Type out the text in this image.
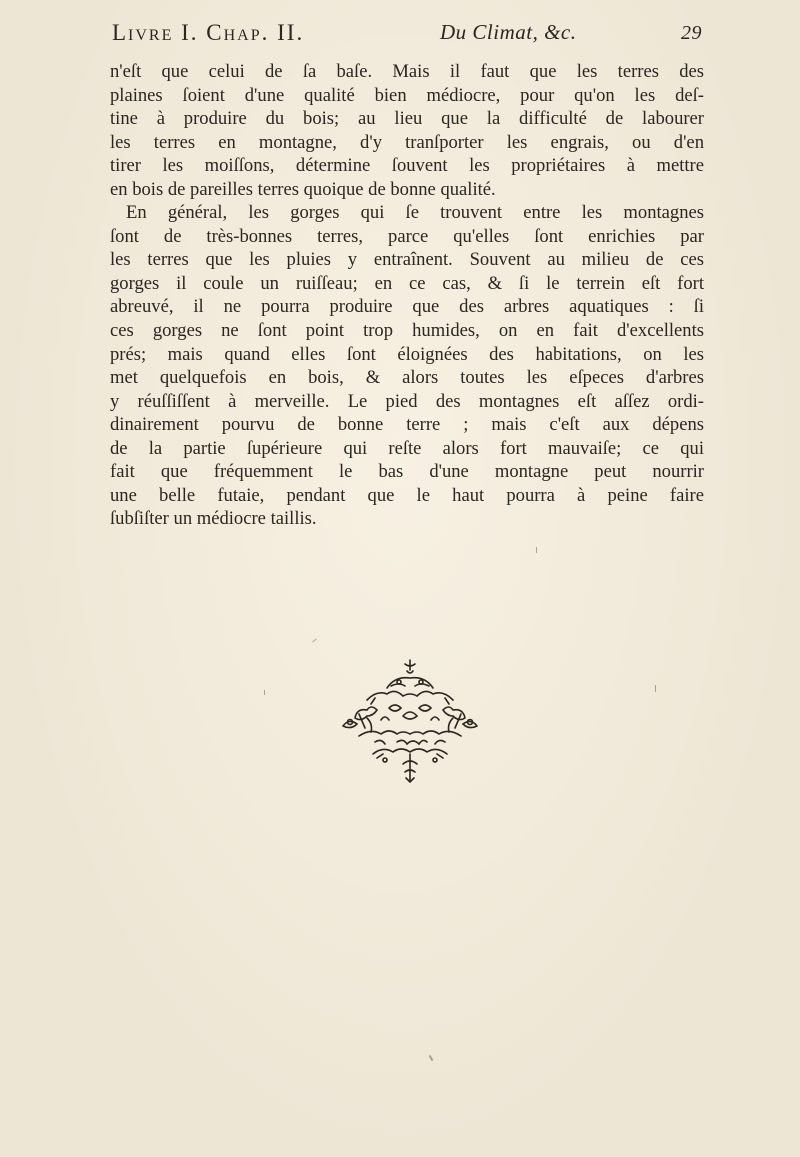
Livre I. Chap. II.	Du Climat, &c.	29
n'eſt que celui de ſa baſe. Mais il faut que les terres des
plaines ſoient d'une qualité bien médiocre, pour qu'on les deſ-
tine à produire du bois; au lieu que la difficulté de labourer
les terres en montagne, d'y tranſporter les engrais, ou d'en
tirer les moiſſons, détermine ſouvent les propriétaires à mettre
en bois de pareilles terres quoique de bonne qualité.
En général, les gorges qui ſe trouvent entre les montagnes
ſont de très-bonnes terres, parce qu'elles ſont enrichies par
les terres que les pluies y entraînent. Souvent au milieu de ces
gorges il coule un ruiſſeau; en ce cas, & ſi le terrein eſt fort
abreuvé, il ne pourra produire que des arbres aquatiques : ſi
ces gorges ne ſont point trop humides, on en fait d'excellents
prés; mais quand elles ſont éloignées des habitations, on les
met quelquefois en bois, & alors toutes les eſpeces d'arbres
y réuſſiſſent à merveille. Le pied des montagnes eſt aſſez ordi-
dinairement pourvu de bonne terre ; mais c'eſt aux dépens
de la partie ſupérieure qui reſte alors fort mauvaiſe; ce qui
fait que fréquemment le bas d'une montagne peut nourrir
une belle futaie, pendant que le haut pourra à peine faire
ſubſiſter un médiocre taillis.
